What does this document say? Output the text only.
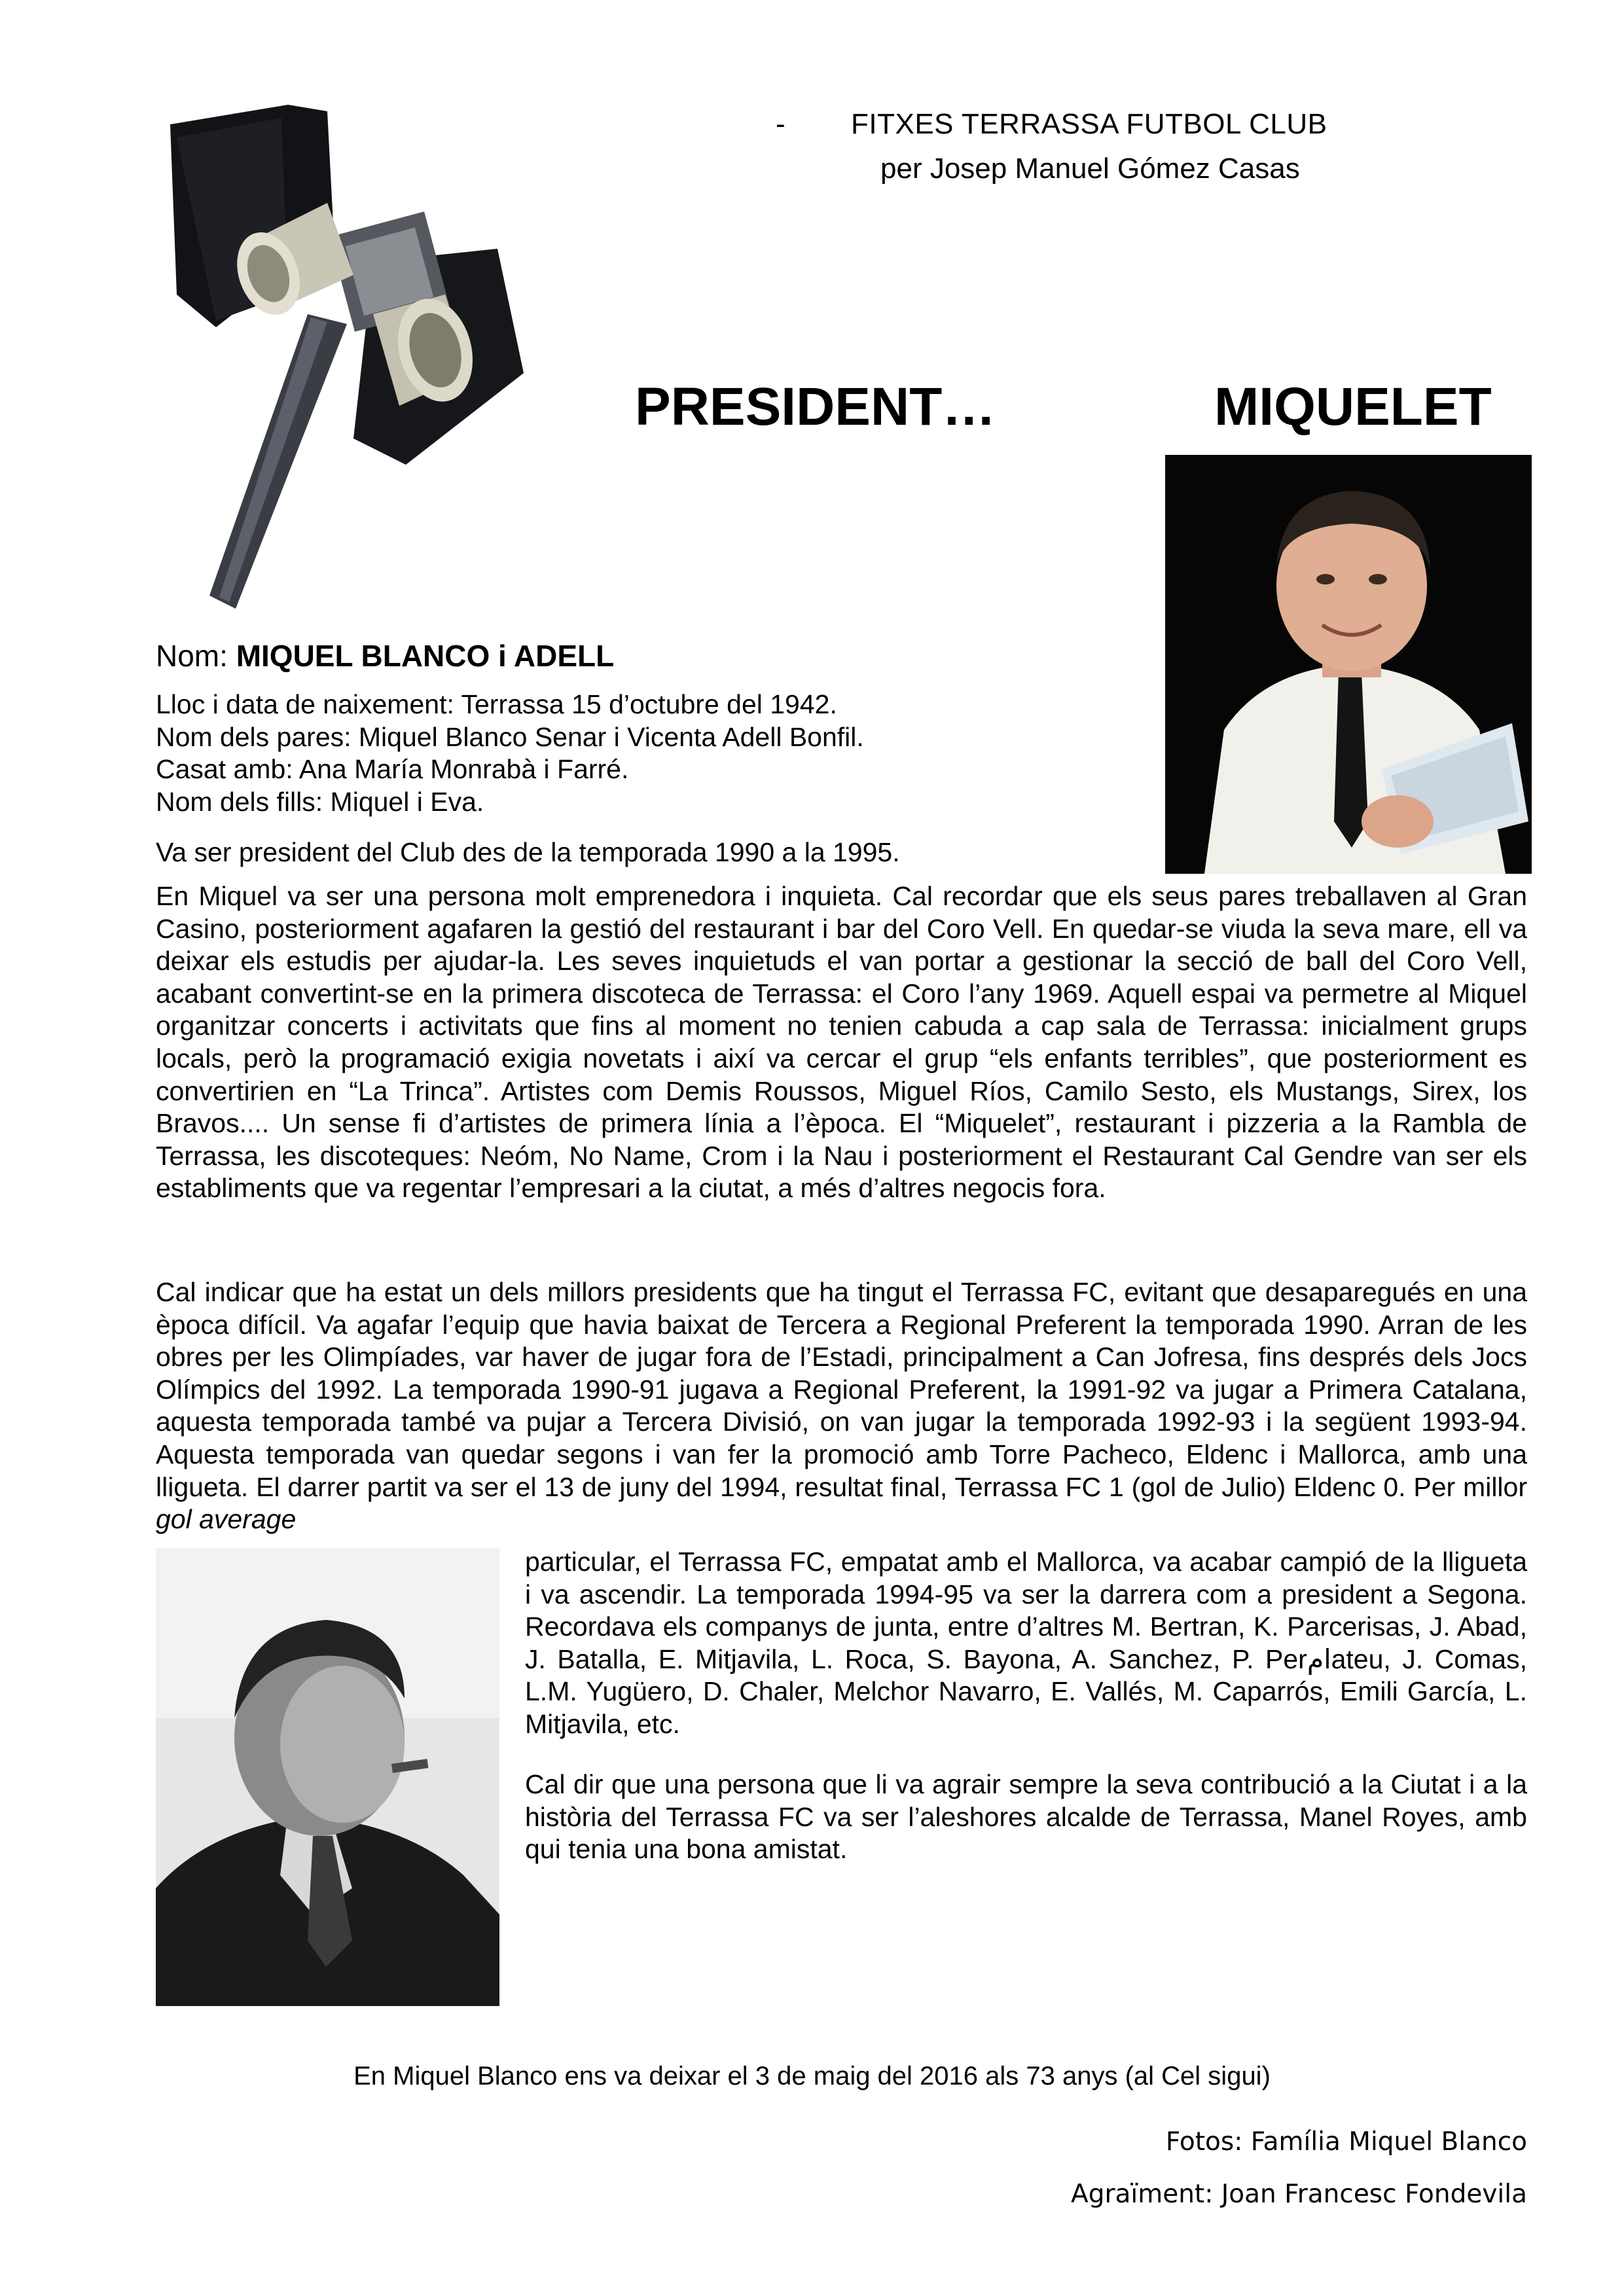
- FITXES TERRASSA FUTBOL CLUB
per Josep Manuel Gómez Casas
PRESIDENT…	MIQUELET
Nom: MIQUEL BLANCO i ADELL
Lloc i data de naixement: Terrassa 15 d’octubre del 1942.
Nom dels pares: Miquel Blanco Senar i Vicenta Adell Bonfil.
Casat amb: Ana María Monrabà i Farré.
Nom dels fills: Miquel i Eva.
Va ser president del Club des de la temporada 1990 a la 1995.
En Miquel va ser una persona molt emprenedora i inquieta. Cal recordar que els seus pares treballaven al Gran Casino, posteriorment agafaren la gestió del restaurant i bar del Coro Vell. En quedar-se viuda la seva mare, ell va deixar els estudis per ajudar-la. Les seves inquietuds el van portar a gestionar la secció de ball del Coro Vell, acabant convertint-se en la primera discoteca de Terrassa: el Coro l’any 1969. Aquell espai va permetre al Miquel organitzar concerts i activitats que fins al moment no tenien cabuda a cap sala de Terrassa: inicialment grups locals, però la programació exigia novetats i així va cercar el grup “els enfants terribles”, que posteriorment es convertirien en “La Trinca”. Artistes com Demis Roussos, Miguel Ríos, Camilo Sesto, els Mustangs, Sirex, los Bravos.... Un sense fi d’artistes de primera línia a l’època. El “Miquelet”, restaurant i pizzeria a la Rambla de Terrassa, les discoteques: Neóm, No Name, Crom i la Nau i posteriorment el Restaurant Cal Gendre van ser els establiments que va regentar l’empresari a la ciutat, a més d’altres negocis fora.
Cal indicar que ha estat un dels millors presidents que ha tingut el Terrassa FC, evitant que desaparegués en una època difícil. Va agafar l’equip que havia baixat de Tercera a Regional Preferent la temporada 1990. Arran de les obres per les Olimpíades, var haver de jugar fora de l’Estadi, principalment a Can Jofresa, fins després dels Jocs Olímpics del 1992. La temporada 1990-91 jugava a Regional Preferent, la 1991-92 va jugar a Primera Catalana, aquesta temporada també va pujar a Tercera Divisió, on van jugar la temporada 1992-93 i la següent 1993-94. Aquesta temporada van quedar segons i van fer la promoció amb Torre Pacheco, Eldenc i Mallorca, amb una lligueta. El darrer partit va ser el 13 de juny del 1994, resultat final, Terrassa FC 1 (gol de Julio) Eldenc 0. Per millor gol average
particular, el Terrassa FC, empatat amb el Mallorca, va acabar campió de la lligueta i va ascendir. La temporada 1994-95 va ser la darrera com a president a Segona. Recordava els companys de junta, entre d’altres M. Bertran, K. Parcerisas, J. Abad, J. Batalla, E. Mitjavila, L. Roca, S. Bayona, A. Sanchez, P. Perامateu, J. Comas, L.M. Yugüero, D. Chaler, Melchor Navarro, E. Vallés, M. Caparrós, Emili García, L. Mitjavila, etc.
Cal dir que una persona que li va agrair sempre la seva contribució a la Ciutat i a la història del Terrassa FC va ser l’aleshores alcalde de Terrassa, Manel Royes, amb qui tenia una bona amistat.
En Miquel Blanco ens va deixar el 3 de maig del 2016 als 73 anys (al Cel sigui)
Fotos: Família Miquel Blanco
Agraïment: Joan Francesc Fondevila
